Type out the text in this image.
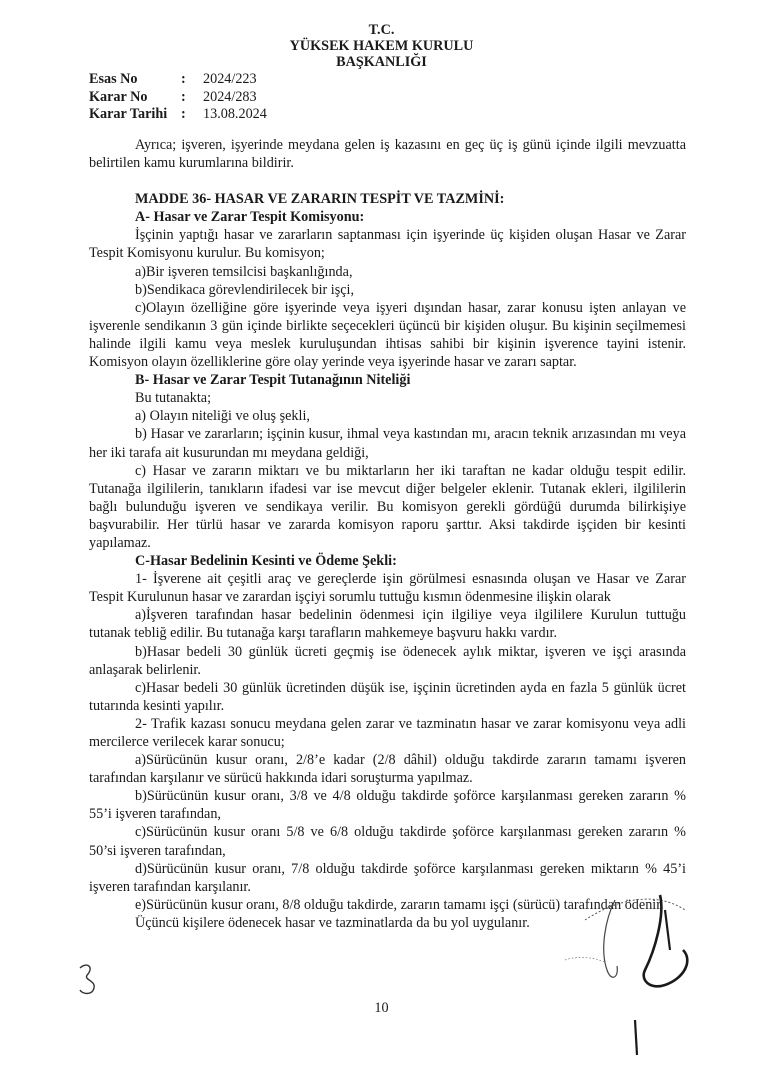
T.C.
YÜKSEK HAKEM KURULU
BAŞKANLIĞI
Esas No	:	2024/223
Karar No	:	2024/283
Karar Tarihi :	13.08.2024

Ayrıca; işveren, işyerinde meydana gelen iş kazasını en geç üç iş günü içinde ilgili mevzuatta belirtilen kamu kurumlarına bildirir.

MADDE 36- HASAR VE ZARARIN TESPİT VE TAZMİNİ:

A- Hasar ve Zarar Tespit Komisyonu:

İşçinin yaptığı hasar ve zararların saptanması için işyerinde üç kişiden oluşan Hasar ve Zarar Tespit Komisyonu kurulur. Bu komisyon;

a)Bir işveren temsilcisi başkanlığında,

b)Sendikaca görevlendirilecek bir işçi,

c)Olayın özelliğine göre işyerinde veya işyeri dışından hasar, zarar konusu işten anlayan ve işverenle sendikanın 3 gün içinde birlikte seçecekleri üçüncü bir kişiden oluşur. Bu kişinin seçilmemesi halinde ilgili kamu veya meslek kuruluşundan ihtisas sahibi bir kişinin işverence tayini istenir. Komisyon olayın özelliklerine göre olay yerinde veya işyerinde hasar ve zararı saptar.

B- Hasar ve Zarar Tespit Tutanağının Niteliği

Bu tutanakta;

a) Olayın niteliği ve oluş şekli,

b) Hasar ve zararların; işçinin kusur, ihmal veya kastından mı, aracın teknik arızasından mı veya her iki tarafa ait kusurundan mı meydana geldiği,

c) Hasar ve zararın miktarı ve bu miktarların her iki taraftan ne kadar olduğu tespit edilir. Tutanağa ilgililerin, tanıkların ifadesi var ise mevcut diğer belgeler eklenir. Tutanak ekleri, ilgililerin bağlı bulunduğu işveren ve sendikaya verilir. Bu komisyon gerekli gördüğü durumda bilirkişiye başvurabilir. Her türlü hasar ve zararda komisyon raporu şarttır. Aksi takdirde işçiden bir kesinti yapılamaz.

C-Hasar Bedelinin Kesinti ve Ödeme Şekli:

1- İşverene ait çeşitli araç ve gereçlerde işin görülmesi esnasında oluşan ve Hasar ve Zarar Tespit Kurulunun hasar ve zarardan işçiyi sorumlu tuttuğu kısmın ödenmesine ilişkin olarak

a)İşveren tarafından hasar bedelinin ödenmesi için ilgiliye veya ilgililere Kurulun tuttuğu tutanak tebliğ edilir. Bu tutanağa karşı tarafların mahkemeye başvuru hakkı vardır.

b)Hasar bedeli 30 günlük ücreti geçmiş ise ödenecek aylık miktar, işveren ve işçi arasında anlaşarak belirlenir.

c)Hasar bedeli 30 günlük ücretinden düşük ise, işçinin ücretinden ayda en fazla 5 günlük ücret tutarında kesinti yapılır.

2- Trafik kazası sonucu meydana gelen zarar ve tazminatın hasar ve zarar komisyonu veya adli mercilerce verilecek karar sonucu;

a)Sürücünün kusur oranı, 2/8’e kadar (2/8 dâhil) olduğu takdirde zararın tamamı işveren tarafından karşılanır ve sürücü hakkında idari soruşturma yapılmaz.

b)Sürücünün kusur oranı, 3/8 ve 4/8 olduğu takdirde şoförce karşılanması gereken zararın % 55’i işveren tarafından,

c)Sürücünün kusur oranı 5/8 ve 6/8 olduğu takdirde şoförce karşılanması gereken zararın % 50’si işveren tarafından,

d)Sürücünün kusur oranı, 7/8 olduğu takdirde şoförce karşılanması gereken miktarın % 45’i işveren tarafından karşılanır.

e)Sürücünün kusur oranı, 8/8 olduğu takdirde, zararın tamamı işçi (sürücü) tarafından ödenir.

Üçüncü kişilere ödenecek hasar ve tazminatlarda da bu yol uygulanır.

10
